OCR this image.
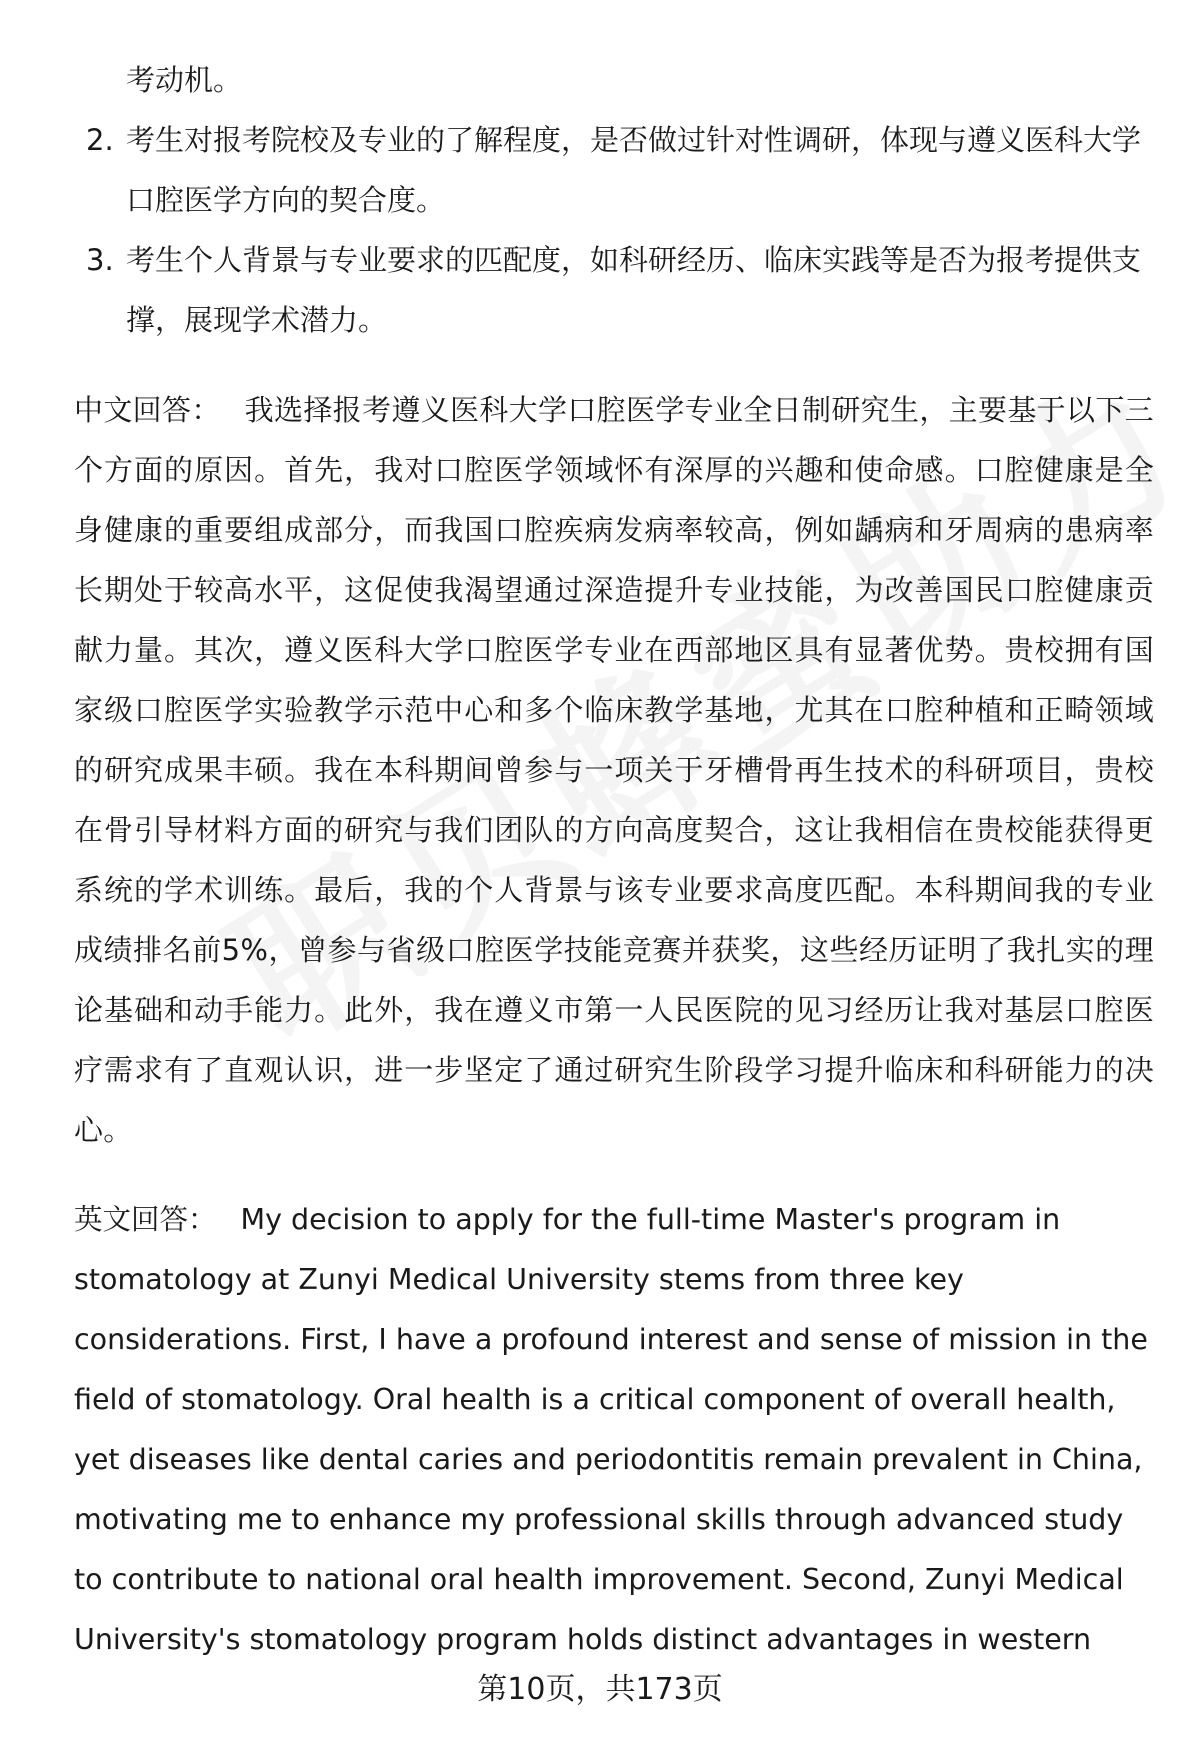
考动机。
2. 考生对报考院校及专业的了解程度，是否做过针对性调研，体现与遵义医科大学口腔医学方向的契合度。
3. 考生个人背景与专业要求的匹配度，如科研经历、临床实践等是否为报考提供支撑，展现学术潜力。

中文回答： 我选择报考遵义医科大学口腔医学专业全日制研究生，主要基于以下三个方面的原因。首先，我对口腔医学领域怀有深厚的兴趣和使命感。口腔健康是全身健康的重要组成部分，而我国口腔疾病发病率较高，例如龋病和牙周病的患病率长期处于较高水平，这促使我渴望通过深造提升专业技能，为改善国民口腔健康贡献力量。其次，遵义医科大学口腔医学专业在西部地区具有显著优势。贵校拥有国家级口腔医学实验教学示范中心和多个临床教学基地，尤其在口腔种植和正畸领域的研究成果丰硕。我在本科期间曾参与一项关于牙槽骨再生技术的科研项目，贵校在骨引导材料方面的研究与我们团队的方向高度契合，这让我相信在贵校能获得更系统的学术训练。最后，我的个人背景与该专业要求高度匹配。本科期间我的专业成绩排名前5%，曾参与省级口腔医学技能竞赛并获奖，这些经历证明了我扎实的理论基础和动手能力。此外，我在遵义市第一人民医院的见习经历让我对基层口腔医疗需求有了直观认识，进一步坚定了通过研究生阶段学习提升临床和科研能力的决心。

英文回答： My decision to apply for the full-time Master's program in stomatology at Zunyi Medical University stems from three key considerations. First, I have a profound interest and sense of mission in the field of stomatology. Oral health is a critical component of overall health, yet diseases like dental caries and periodontitis remain prevalent in China, motivating me to enhance my professional skills through advanced study to contribute to national oral health improvement. Second, Zunyi Medical University's stomatology program holds distinct advantages in western

第10页，共173页
